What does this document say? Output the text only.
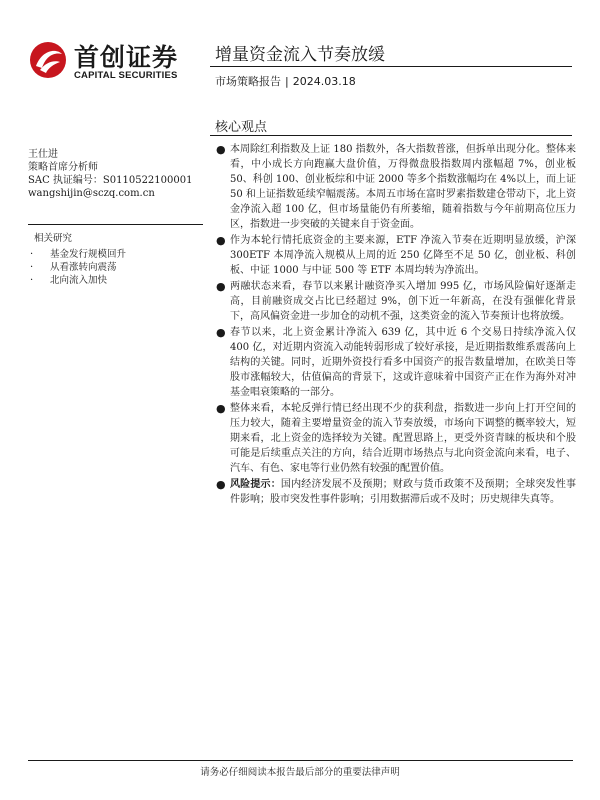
首创证券
CAPITAL SECURITIES
增量资金流入节奏放缓
市场策略报告 | 2024.03.18
核心观点
王仕进
策略首席分析师
SAC 执证编号：S0110522100001
wangshijin@sczq.com.cn
相关研究
· 基金发行规模回升
· 从看涨转向震荡
· 北向流入加快
● 本周除红利指数及上证 180 指数外，各大指数普涨，但拆单出现分化。整体来看，中小成长方向跑赢大盘价值，万得微盘股指数周内涨幅超 7%，创业板 50、科创 100、创业板综和中证 2000 等多个指数涨幅均在 4%以上，而上证 50 和上证指数延续窄幅震荡。本周五市场在富时罗素指数建仓带动下，北上资金净流入超 100 亿，但市场量能仍有所萎缩，随着指数与今年前期高位压力区，指数进一步突破的关键来自于资金面。
● 作为本轮行情托底资金的主要来源，ETF 净流入节奏在近期明显放缓，沪深 300ETF 本周净流入规模从上周的近 250 亿降至不足 50 亿，创业板、科创板、中证 1000 与中证 500 等 ETF 本周均转为净流出。
● 两融状态来看，春节以来累计融资净买入增加 995 亿，市场风险偏好逐渐走高，目前融资成交占比已经超过 9%，创下近一年新高，在没有强催化背景下，高风偏资金进一步加仓的动机不强，这类资金的流入节奏预计也将放缓。
● 春节以来，北上资金累计净流入 639 亿，其中近 6 个交易日持续净流入仅 400 亿，对近期内资流入动能转弱形成了较好承接，是近期指数维系震荡向上结构的关键。同时，近期外资投行看多中国资产的报告数量增加，在欧美日等股市涨幅较大，估值偏高的背景下，这或许意味着中国资产正在作为海外对冲基金唱衰策略的一部分。
● 整体来看，本轮反弹行情已经出现不少的获利盘，指数进一步向上打开空间的压力较大，随着主要增量资金的流入节奏放缓，市场向下调整的概率较大，短期来看，北上资金的选择较为关键。配置思路上，更受外资青睐的板块和个股可能是后续重点关注的方向，结合近期市场热点与北向资金流向来看，电子、汽车、有色、家电等行业仍然有较强的配置价值。
● 风险提示：国内经济发展不及预期；财政与货币政策不及预期；全球突发性事件影响；股市突发性事件影响；引用数据滞后或不及时；历史规律失真等。
请务必仔细阅读本报告最后部分的重要法律声明
